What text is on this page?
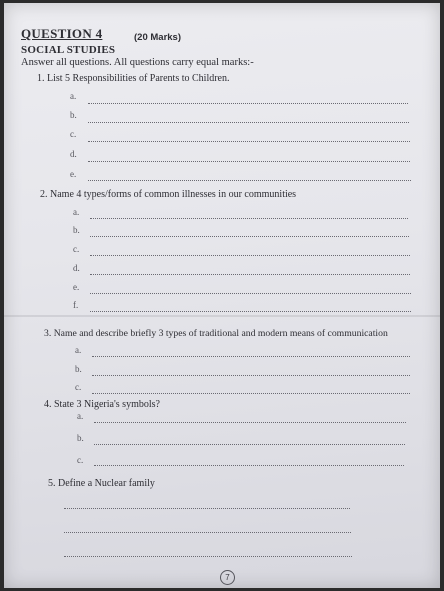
QUESTION 4	(20 Marks)
SOCIAL STUDIES
Answer all questions. All questions carry equal marks:-
1. List 5 Responsibilities of Parents to Children.
a.
b.
c.
d.
e.
2. Name 4 types/forms of common illnesses in our communities
a.
b.
c.
d.
e.
f.
3. Name and describe briefly 3 types of traditional and modern means of communication
a.
b.
c.
4. State 3 Nigeria's symbols?
a.
b.
c.
5. Define a Nuclear family
7
